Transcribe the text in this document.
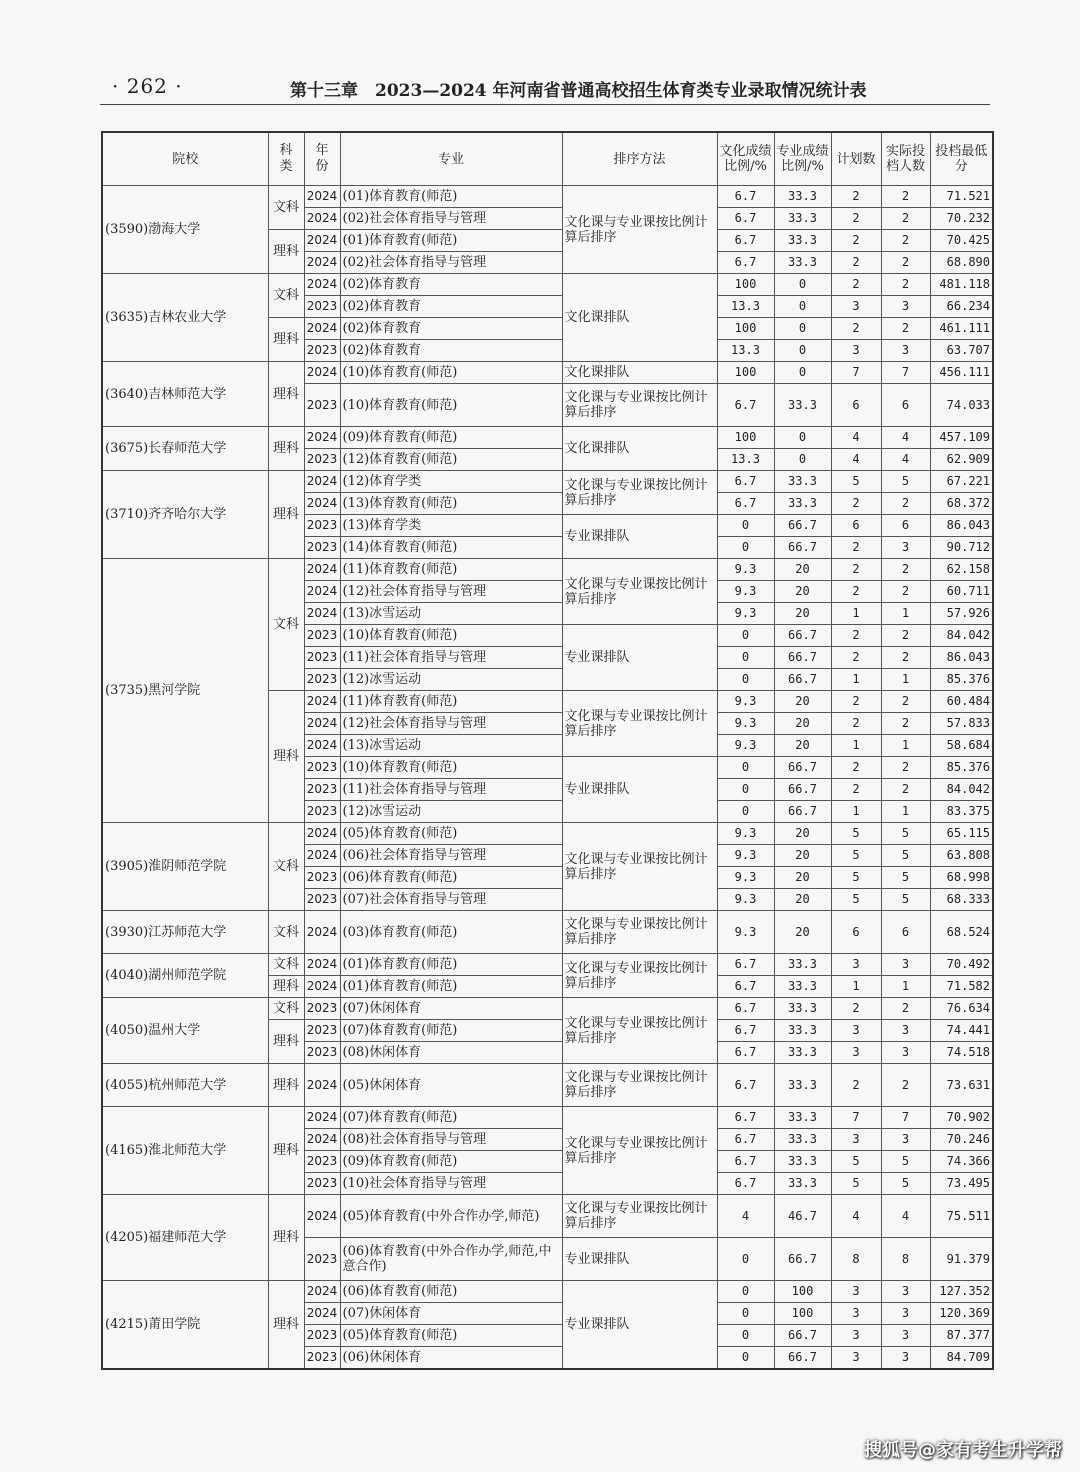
· 262 ·	第十三章　2023—2024 年河南省普通高校招生体育类专业录取情况统计表
院校	科类	年份	专业	排序方法	文化成绩比例/%	专业成绩比例/%	计划数	实际投档人数	投档最低分
(3590)渤海大学	文科	2024	(01)体育教育(师范)	文化课与专业课按比例计算后排序	6.7	33.3	2	2	71.521
		2024	(02)社会体育指导与管理		6.7	33.3	2	2	70.232
	理科	2024	(01)体育教育(师范)		6.7	33.3	2	2	70.425
		2024	(02)社会体育指导与管理		6.7	33.3	2	2	68.890
(3635)吉林农业大学	文科	2024	(02)体育教育	文化课排队	100	0	2	2	481.118
		2023	(02)体育教育		13.3	0	3	3	66.234
	理科	2024	(02)体育教育		100	0	2	2	461.111
		2023	(02)体育教育		13.3	0	3	3	63.707
(3640)吉林师范大学	理科	2024	(10)体育教育(师范)	文化课排队	100	0	7	7	456.111
		2023	(10)体育教育(师范)	文化课与专业课按比例计算后排序	6.7	33.3	6	6	74.033
(3675)长春师范大学	理科	2024	(09)体育教育(师范)	文化课排队	100	0	4	4	457.109
		2023	(12)体育教育(师范)		13.3	0	4	4	62.909
(3710)齐齐哈尔大学	理科	2024	(12)体育学类	文化课与专业课按比例计算后排序	6.7	33.3	5	5	67.221
		2024	(13)体育教育(师范)		6.7	33.3	2	2	68.372
		2023	(13)体育学类	专业课排队	0	66.7	6	6	86.043
		2023	(14)体育教育(师范)		0	66.7	2	3	90.712
(3735)黑河学院	文科	2024	(11)体育教育(师范)	文化课与专业课按比例计算后排序	9.3	20	2	2	62.158
		2024	(12)社会体育指导与管理		9.3	20	2	2	60.711
		2024	(13)冰雪运动		9.3	20	1	1	57.926
		2023	(10)体育教育(师范)	专业课排队	0	66.7	2	2	84.042
		2023	(11)社会体育指导与管理		0	66.7	2	2	86.043
		2023	(12)冰雪运动		0	66.7	1	1	85.376
	理科	2024	(11)体育教育(师范)	文化课与专业课按比例计算后排序	9.3	20	2	2	60.484
		2024	(12)社会体育指导与管理		9.3	20	2	2	57.833
		2024	(13)冰雪运动		9.3	20	1	1	58.684
		2023	(10)体育教育(师范)	专业课排队	0	66.7	2	2	85.376
		2023	(11)社会体育指导与管理		0	66.7	2	2	84.042
		2023	(12)冰雪运动		0	66.7	1	1	83.375
(3905)淮阴师范学院	文科	2024	(05)体育教育(师范)	文化课与专业课按比例计算后排序	9.3	20	5	5	65.115
		2024	(06)社会体育指导与管理		9.3	20	5	5	63.808
		2023	(06)体育教育(师范)		9.3	20	5	5	68.998
		2023	(07)社会体育指导与管理		9.3	20	5	5	68.333
(3930)江苏师范大学	文科	2024	(03)体育教育(师范)	文化课与专业课按比例计算后排序	9.3	20	6	6	68.524
(4040)湖州师范学院	文科	2024	(01)体育教育(师范)	文化课与专业课按比例计算后排序	6.7	33.3	3	3	70.492
	理科	2024	(01)体育教育(师范)		6.7	33.3	1	1	71.582
(4050)温州大学	文科	2023	(07)休闲体育	文化课与专业课按比例计算后排序	6.7	33.3	2	2	76.634
	理科	2023	(07)体育教育(师范)		6.7	33.3	3	3	74.441
		2023	(08)休闲体育		6.7	33.3	3	3	74.518
(4055)杭州师范大学	理科	2024	(05)休闲体育	文化课与专业课按比例计算后排序	6.7	33.3	2	2	73.631
(4165)淮北师范大学	理科	2024	(07)体育教育(师范)	文化课与专业课按比例计算后排序	6.7	33.3	7	7	70.902
		2024	(08)社会体育指导与管理		6.7	33.3	3	3	70.246
		2023	(09)体育教育(师范)		6.7	33.3	5	5	74.366
		2023	(10)社会体育指导与管理		6.7	33.3	5	5	73.495
(4205)福建师范大学	理科	2024	(05)体育教育(中外合作办学,师范)	文化课与专业课按比例计算后排序	4	46.7	4	4	75.511
		2023	(06)体育教育(中外合作办学,师范,中意合作)	专业课排队	0	66.7	8	8	91.379
(4215)莆田学院	理科	2024	(06)体育教育(师范)	专业课排队	0	100	3	3	127.352
		2024	(07)休闲体育		0	100	3	3	120.369
		2023	(05)体育教育(师范)		0	66.7	3	3	87.377
		2023	(06)休闲体育		0	66.7	3	3	84.709
搜狐号@家有考生升学帮
